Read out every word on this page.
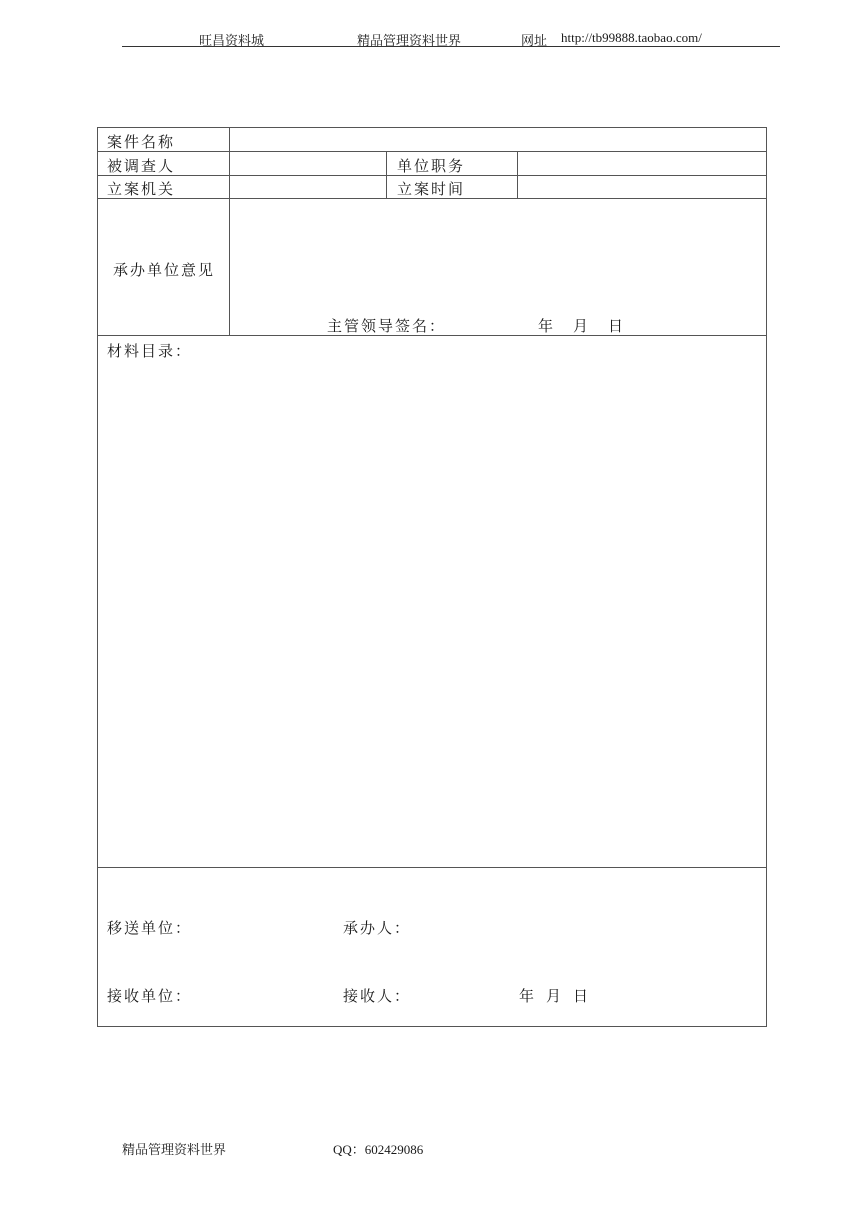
旺昌资料城	精品管理资料世界	网址 http://tb99888.taobao.com/
案件名称
被调查人	单位职务
立案机关	立案时间
承办单位意见
主管领导签名：	年 月 日
材料目录：
移送单位：	承办人：
接收单位：	接收人：	年 月 日
精品管理资料世界	QQ：602429086
